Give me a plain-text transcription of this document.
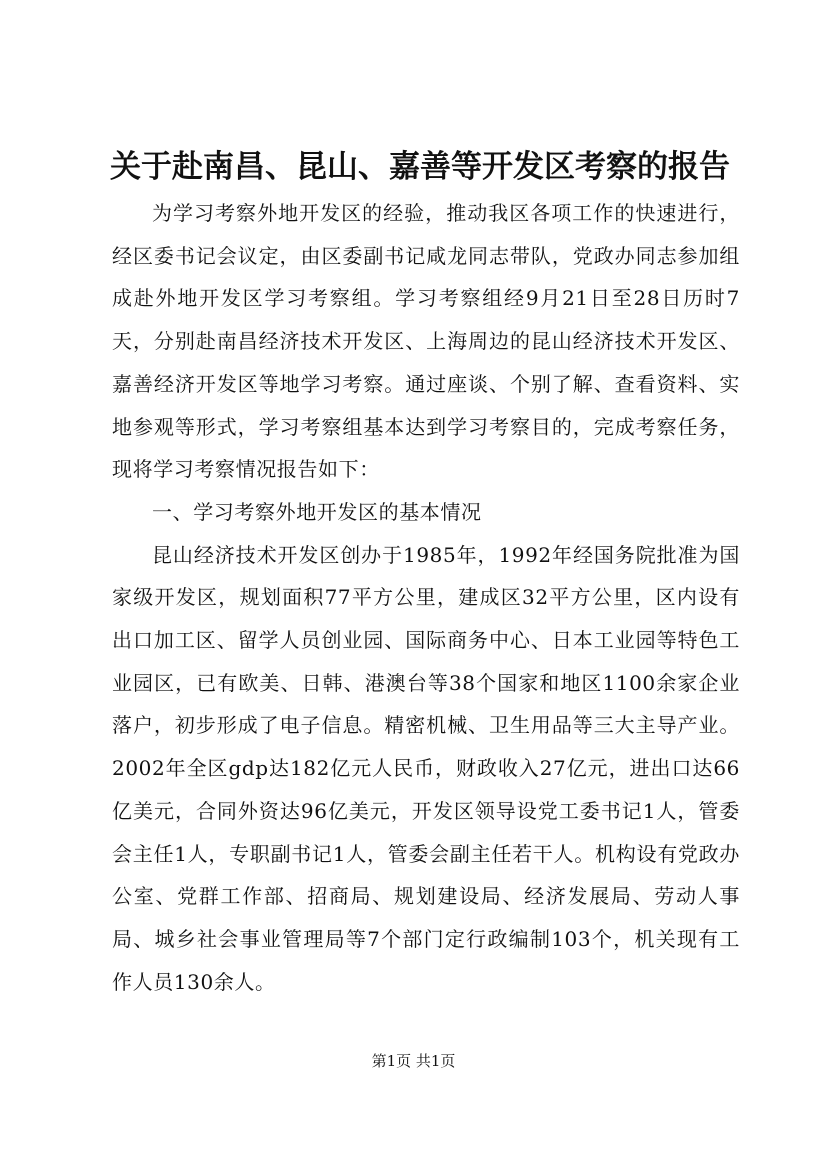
关于赴南昌、昆山、嘉善等开发区考察的报告

为学习考察外地开发区的经验，推动我区各项工作的快速进行，经区委书记会议定，由区委副书记咸龙同志带队，党政办同志参加组成赴外地开发区学习考察组。学习考察组经9月21日至28日历时7天，分别赴南昌经济技术开发区、上海周边的昆山经济技术开发区、嘉善经济开发区等地学习考察。通过座谈、个别了解、查看资料、实地参观等形式，学习考察组基本达到学习考察目的，完成考察任务，现将学习考察情况报告如下：

一、学习考察外地开发区的基本情况

昆山经济技术开发区创办于1985年，1992年经国务院批准为国家级开发区，规划面积77平方公里，建成区32平方公里，区内设有出口加工区、留学人员创业园、国际商务中心、日本工业园等特色工业园区，已有欧美、日韩、港澳台等38个国家和地区1100余家企业落户，初步形成了电子信息。精密机械、卫生用品等三大主导产业。2002年全区gdp达182亿元人民币，财政收入27亿元，进出口达66亿美元，合同外资达96亿美元，开发区领导设党工委书记1人，管委会主任1人，专职副书记1人，管委会副主任若干人。机构设有党政办公室、党群工作部、招商局、规划建设局、经济发展局、劳动人事局、城乡社会事业管理局等7个部门定行政编制103个，机关现有工作人员130余人。

第1页 共1页
